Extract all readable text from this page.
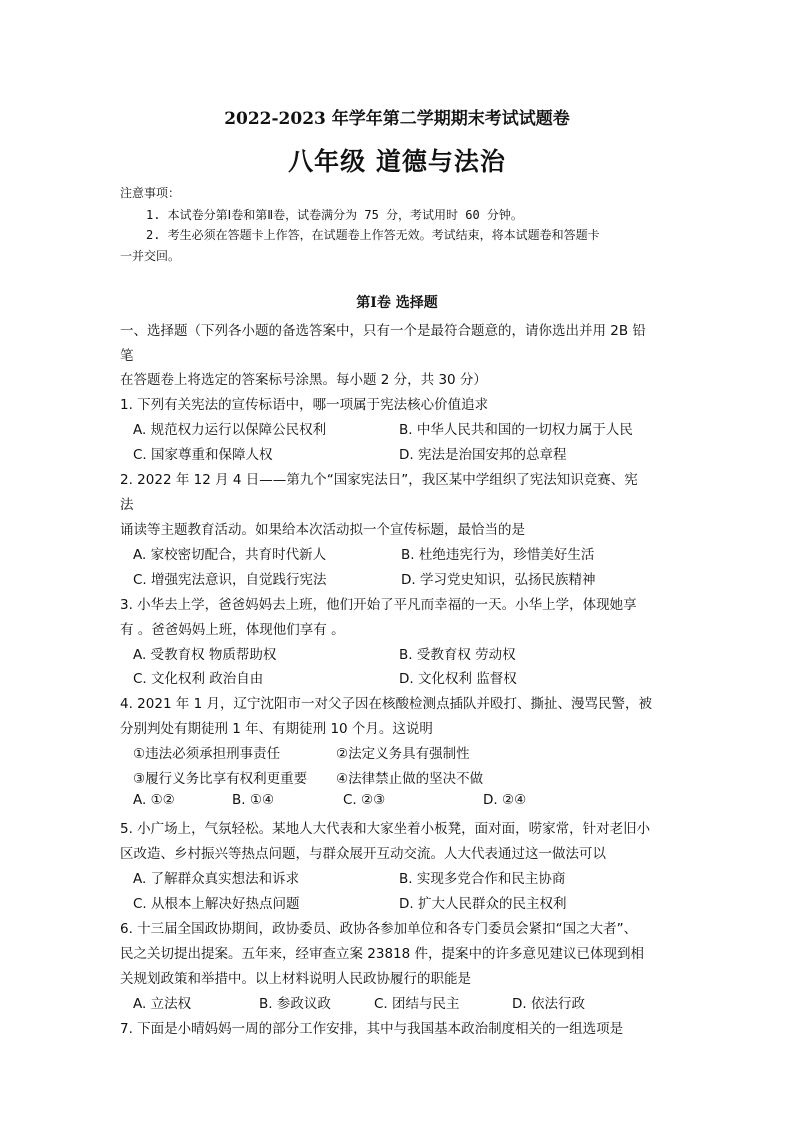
2022-2023 年学年第二学期期末考试试题卷
八年级 道德与法治
注意事项：
1. 本试卷分第Ⅰ卷和第Ⅱ卷，试卷满分为 75 分，考试用时 60 分钟。
2. 考生必须在答题卡上作答，在试题卷上作答无效。考试结束，将本试题卷和答题卡
一并交回。
第Ⅰ卷 选择题
一、选择题（下列各小题的备选答案中，只有一个是最符合题意的，请你选出并用 2B 铅
笔
在答题卷上将选定的答案标号涂黑。每小题 2 分，共 30 分）
1. 下列有关宪法的宣传标语中，哪一项属于宪法核心价值追求
A. 规范权力运行以保障公民权利	B. 中华人民共和国的一切权力属于人民
C. 国家尊重和保障人权	D. 宪法是治国安邦的总章程
2. 2022 年 12 月 4 日——第九个“国家宪法日”，我区某中学组织了宪法知识竞赛、宪
法
诵读等主题教育活动。如果给本次活动拟一个宣传标题，最恰当的是
A. 家校密切配合，共育时代新人	B. 杜绝违宪行为，珍惜美好生活
C. 增强宪法意识，自觉践行宪法	D. 学习党史知识，弘扬民族精神
3. 小华去上学，爸爸妈妈去上班，他们开始了平凡而幸福的一天。小华上学，体现她享
有 。爸爸妈妈上班，体现他们享有 。
A. 受教育权 物质帮助权	B. 受教育权 劳动权
C. 文化权利 政治自由	D. 文化权利 监督权
4. 2021 年 1 月，辽宁沈阳市一对父子因在核酸检测点插队并殴打、撕扯、漫骂民警，被
分别判处有期徒刑 1 年、有期徒刑 10 个月。这说明
①违法必须承担刑事责任	②法定义务具有强制性
③履行义务比享有权利更重要 ④法律禁止做的坚决不做
A. ①②	B. ①④	C. ②③	D. ②④
5. 小广场上，气氛轻松。某地人大代表和大家坐着小板凳，面对面，唠家常，针对老旧小
区改造、乡村振兴等热点问题，与群众展开互动交流。人大代表通过这一做法可以
A. 了解群众真实想法和诉求	B. 实现多党合作和民主协商
C. 从根本上解决好热点问题	D. 扩大人民群众的民主权利
6. 十三届全国政协期间，政协委员、政协各参加单位和各专门委员会紧扣“国之大者”、
民之关切提出提案。五年来，经审查立案 23818 件，提案中的许多意见建议已体现到相
关规划政策和举措中。以上材料说明人民政协履行的职能是
A. 立法权	B. 参政议政	C. 团结与民主	D. 依法行政
7. 下面是小晴妈妈一周的部分工作安排，其中与我国基本政治制度相关的一组选项是
